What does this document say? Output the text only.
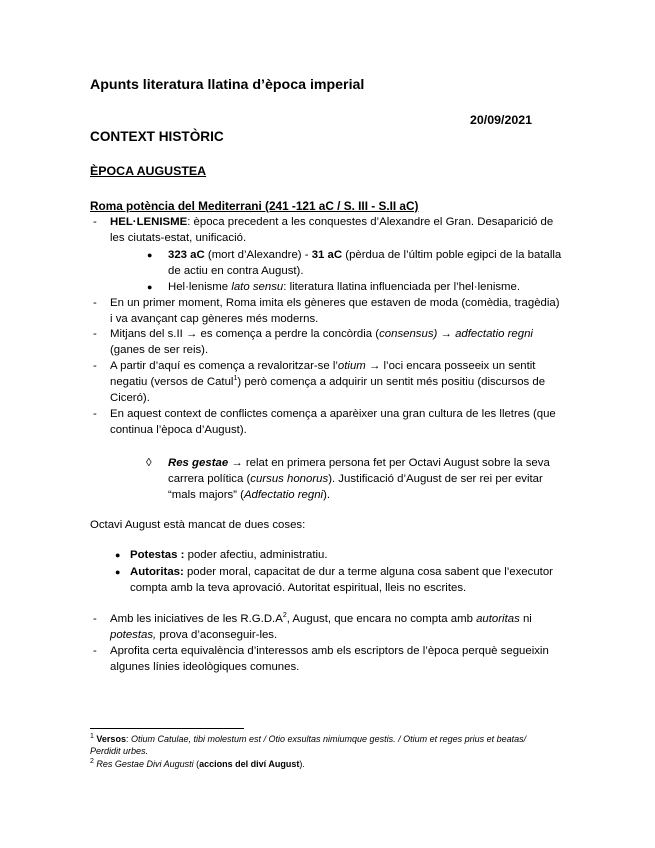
Apunts literatura llatina d’època imperial
20/09/2021
CONTEXT HISTÒRIC
ÈPOCA AUGUSTEA
Roma potència del Mediterrani (241 -121 aC / S. III - S.II aC)
- HEL·LENISME: època precedent a les conquestes d’Alexandre el Gran. Desaparició de
les ciutats-estat, unificació.
● 323 aC (mort d’Alexandre) - 31 aC (pèrdua de l’últim poble egipci de la batalla
de actiu en contra August).
● Hel·lenisme lato sensu: literatura llatina influenciada per l’hel·lenisme.
- En un primer moment, Roma imita els gèneres que estaven de moda (comèdia, tragèdia)
i va avançant cap gèneres més moderns.
- Mitjans del s.II → es comença a perdre la concòrdia (consensus) → adfectatio regni
(ganes de ser reis).
- A partir d’aquí es comença a revaloritzar-se l’otium → l’oci encara posseeix un sentit
negatiu (versos de Catul$^1$) però comença a adquirir un sentit més positiu (discursos de
Ciceró).
- En aquest context de conflictes comença a aparèixer una gran cultura de les lletres (que
continua l’època d’August).
◊ Res gestae → relat en primera persona fet per Octavi August sobre la seva
carrera política (cursus honorus). Justificació d’August de ser rei per evitar
“mals majors” (Adfectatio regni).
Octavi August està mancat de dues coses:
● Potestas : poder afectiu, administratiu.
● Autoritas: poder moral, capacitat de dur a terme alguna cosa sabent que l’executor
compta amb la teva aprovació. Autoritat espiritual, lleis no escrites.
- Amb les iniciatives de les $R.G.D.A^2$, August, que encara no compta amb autoritas ni
potestas, prova d’aconseguir-les.
- Aprofita certa equivalència d’interessos amb els escriptors de l’època perquè segueixin
algunes línies ideològiques comunes.
$^1$ Versos: Otium Catulae, tibi molestum est / Otio exsultas nimiumque gestis. / Otium et reges prius et beatas/
Perdidit urbes.
$^2$ Res Gestae Divi Augusti (accions del diví August).
